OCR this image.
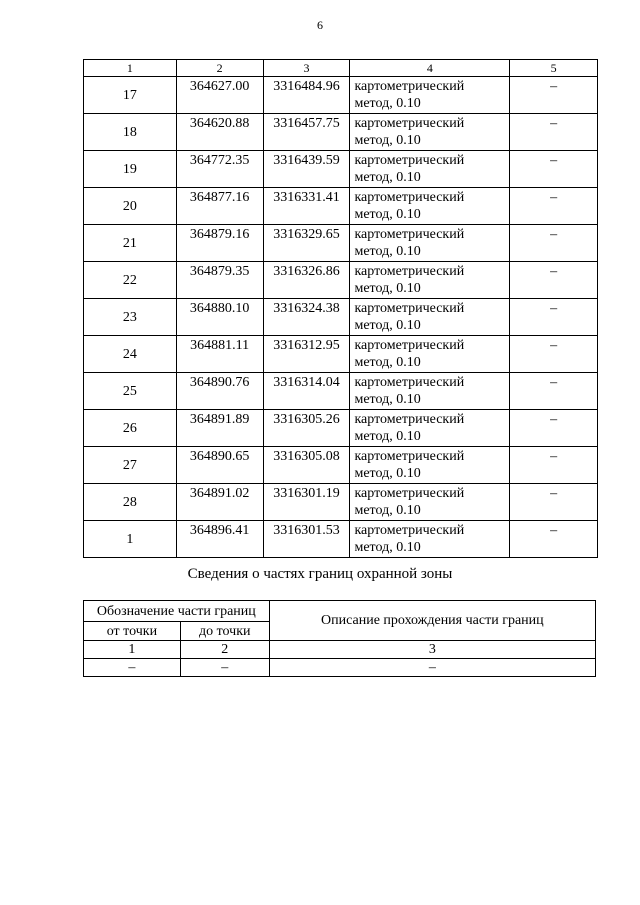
6
1	2	3	4	5
17	364627.00	3316484.96	картометрический
метод, 0.10	–
18	364620.88	3316457.75	картометрический
метод, 0.10	–
19	364772.35	3316439.59	картометрический
метод, 0.10	–
20	364877.16	3316331.41	картометрический
метод, 0.10	–
21	364879.16	3316329.65	картометрический
метод, 0.10	–
22	364879.35	3316326.86	картометрический
метод, 0.10	–
23	364880.10	3316324.38	картометрический
метод, 0.10	–
24	364881.11	3316312.95	картометрический
метод, 0.10	–
25	364890.76	3316314.04	картометрический
метод, 0.10	–
26	364891.89	3316305.26	картометрический
метод, 0.10	–
27	364890.65	3316305.08	картометрический
метод, 0.10	–
28	364891.02	3316301.19	картометрический
метод, 0.10	–
1	364896.41	3316301.53	картометрический
метод, 0.10	–
Сведения о частях границ охранной зоны
Обозначение части границ		Описание прохождения части границ
от точки	до точки	
1	2	3
–	–	–
